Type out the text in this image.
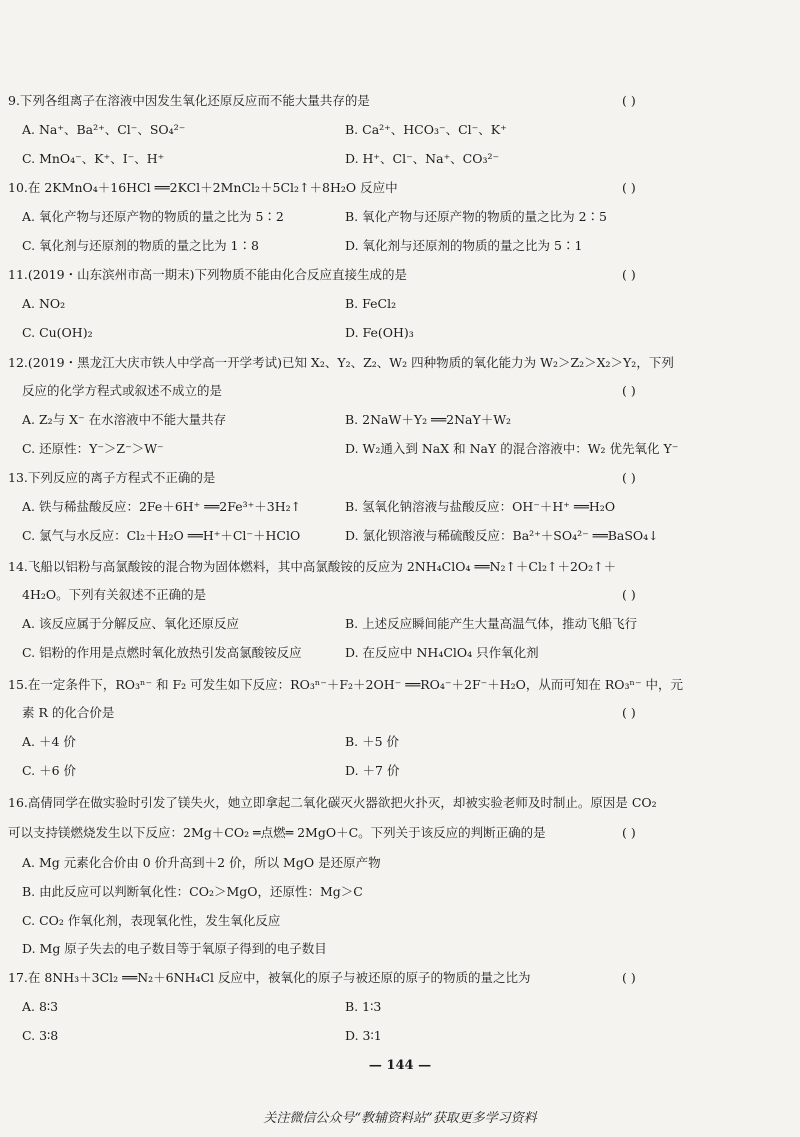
9.下列各组离子在溶液中因发生氧化还原反应而不能大量共存的是	( )
A. Na⁺、Ba²⁺、Cl⁻、SO₄²⁻	B. Ca²⁺、HCO₃⁻、Cl⁻、K⁺
C. MnO₄⁻、K⁺、I⁻、H⁺	D. H⁺、Cl⁻、Na⁺、CO₃²⁻
10.在 2KMnO₄＋16HCl ══2KCl＋2MnCl₂＋5Cl₂↑＋8H₂O 反应中	( )
A. 氧化产物与还原产物的物质的量之比为 5∶2	B. 氧化产物与还原产物的物质的量之比为 2∶5
C. 氧化剂与还原剂的物质的量之比为 1∶8	D. 氧化剂与还原剂的物质的量之比为 5∶1
11.(2019・山东滨州市高一期末)下列物质不能由化合反应直接生成的是	( )
A. NO₂	B. FeCl₂
C. Cu(OH)₂	D. Fe(OH)₃
12.(2019・黑龙江大庆市铁人中学高一开学考试)已知 X₂、Y₂、Z₂、W₂ 四种物质的氧化能力为 W₂＞Z₂＞X₂＞Y₂，下列
反应的化学方程式或叙述不成立的是	( )
A. Z₂与 X⁻ 在水溶液中不能大量共存	B. 2NaW＋Y₂ ══2NaY＋W₂
C. 还原性：Y⁻＞Z⁻＞W⁻	D. W₂通入到 NaX 和 NaY 的混合溶液中：W₂ 优先氧化 Y⁻
13.下列反应的离子方程式不正确的是	( )
A. 铁与稀盐酸反应：2Fe＋6H⁺ ══2Fe³⁺＋3H₂↑	B. 氢氧化钠溶液与盐酸反应：OH⁻＋H⁺ ══H₂O
C. 氯气与水反应：Cl₂＋H₂O ══H⁺＋Cl⁻＋HClO	D. 氯化钡溶液与稀硫酸反应：Ba²⁺＋SO₄²⁻ ══BaSO₄↓
14.飞船以铝粉与高氯酸铵的混合物为固体燃料，其中高氯酸铵的反应为 2NH₄ClO₄ ══N₂↑＋Cl₂↑＋2O₂↑＋
4H₂O。下列有关叙述不正确的是	( )
A. 该反应属于分解反应、氧化还原反应	B. 上述反应瞬间能产生大量高温气体，推动飞船飞行
C. 铝粉的作用是点燃时氧化放热引发高氯酸铵反应	D. 在反应中 NH₄ClO₄ 只作氧化剂
15.在一定条件下，RO₃ⁿ⁻ 和 F₂ 可发生如下反应：RO₃ⁿ⁻＋F₂＋2OH⁻ ══RO₄⁻＋2F⁻＋H₂O，从而可知在 RO₃ⁿ⁻ 中，元
素 R 的化合价是	( )
A. ＋4 价	B. ＋5 价
C. ＋6 价	D. ＋7 价
16.高倩同学在做实验时引发了镁失火，她立即拿起二氧化碳灭火器欲把火扑灭，却被实验老师及时制止。原因是 CO₂
可以支持镁燃烧发生以下反应：2Mg＋CO₂ ═点燃═ 2MgO＋C。下列关于该反应的判断正确的是	( )
A. Mg 元素化合价由 0 价升高到＋2 价，所以 MgO 是还原产物
B. 由此反应可以判断氧化性：CO₂＞MgO，还原性：Mg＞C
C. CO₂ 作氧化剂，表现氧化性，发生氧化反应
D. Mg 原子失去的电子数目等于氧原子得到的电子数目
17.在 8NH₃＋3Cl₂ ══N₂＋6NH₄Cl 反应中，被氧化的原子与被还原的原子的物质的量之比为	( )
A. 8∶3	B. 1∶3
C. 3∶8	D. 3∶1
— 144 —
关注微信公众号“教辅资料站”获取更多学习资料
